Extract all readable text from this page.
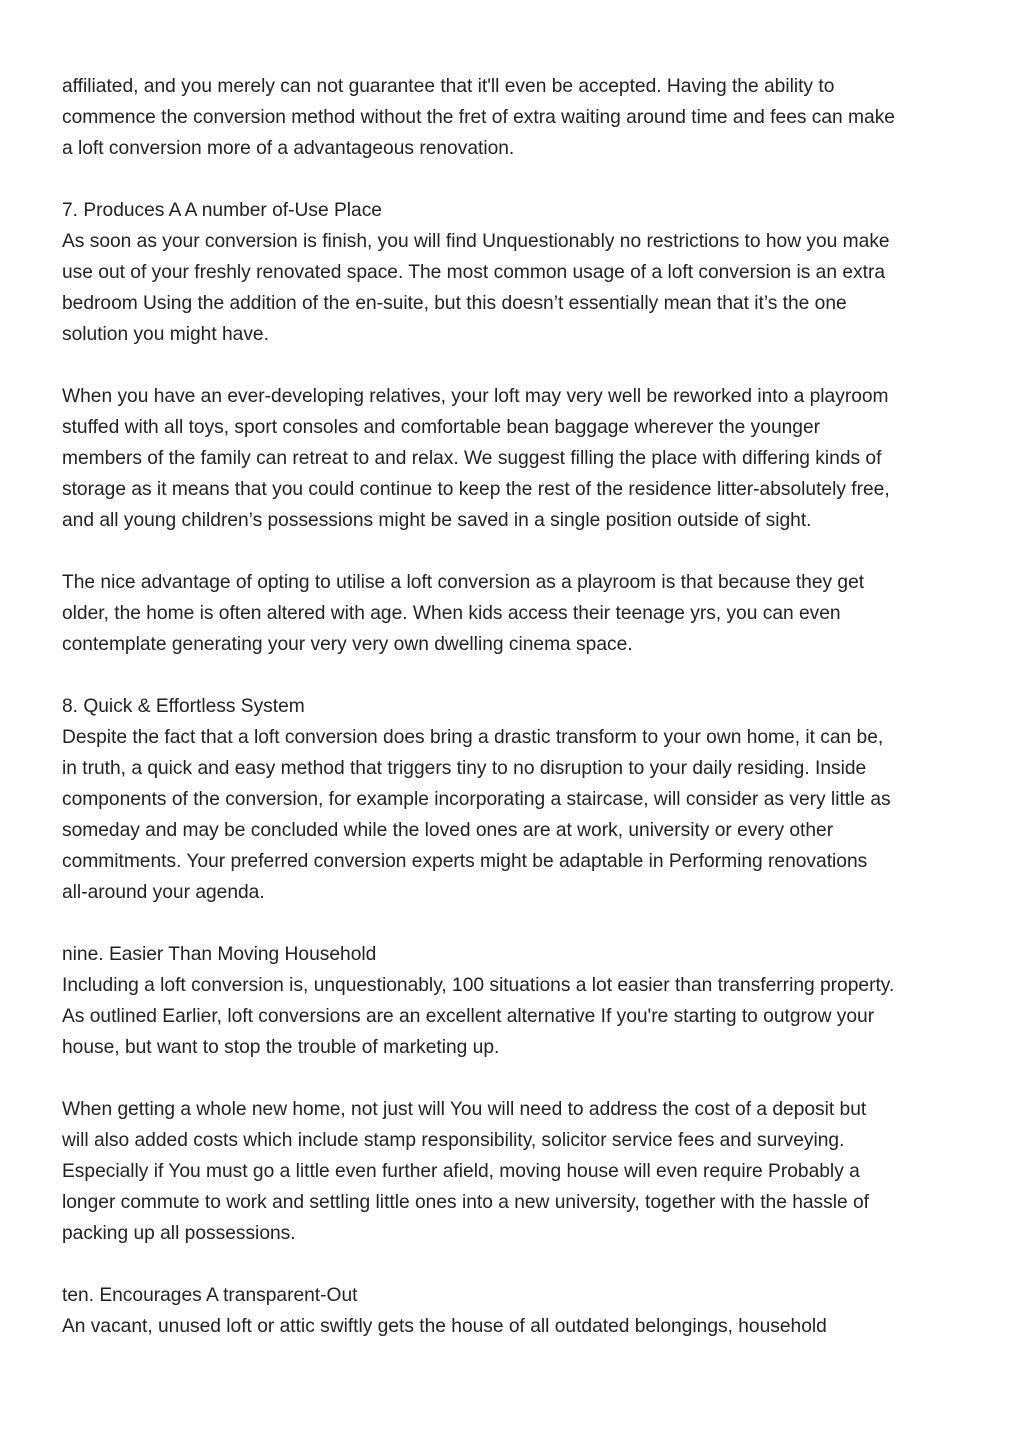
affiliated, and you merely can not guarantee that it'll even be accepted. Having the ability to
commence the conversion method without the fret of extra waiting around time and fees can make
a loft conversion more of a advantageous renovation.
7. Produces A A number of-Use Place
As soon as your conversion is finish, you will find Unquestionably no restrictions to how you make
use out of your freshly renovated space. The most common usage of a loft conversion is an extra
bedroom Using the addition of the en-suite, but this doesn’t essentially mean that it’s the one
solution you might have.
When you have an ever-developing relatives, your loft may very well be reworked into a playroom
stuffed with all toys, sport consoles and comfortable bean baggage wherever the younger
members of the family can retreat to and relax. We suggest filling the place with differing kinds of
storage as it means that you could continue to keep the rest of the residence litter-absolutely free,
and all young children’s possessions might be saved in a single position outside of sight.
The nice advantage of opting to utilise a loft conversion as a playroom is that because they get
older, the home is often altered with age. When kids access their teenage yrs, you can even
contemplate generating your very very own dwelling cinema space.
8. Quick & Effortless System
Despite the fact that a loft conversion does bring a drastic transform to your own home, it can be,
in truth, a quick and easy method that triggers tiny to no disruption to your daily residing. Inside
components of the conversion, for example incorporating a staircase, will consider as very little as
someday and may be concluded while the loved ones are at work, university or every other
commitments. Your preferred conversion experts might be adaptable in Performing renovations
all-around your agenda.
nine. Easier Than Moving Household
Including a loft conversion is, unquestionably, 100 situations a lot easier than transferring property.
As outlined Earlier, loft conversions are an excellent alternative If you're starting to outgrow your
house, but want to stop the trouble of marketing up.
When getting a whole new home, not just will You will need to address the cost of a deposit but
will also added costs which include stamp responsibility, solicitor service fees and surveying.
Especially if You must go a little even further afield, moving house will even require Probably a
longer commute to work and settling little ones into a new university, together with the hassle of
packing up all possessions.
ten. Encourages A transparent-Out
An vacant, unused loft or attic swiftly gets the house of all outdated belongings, household
